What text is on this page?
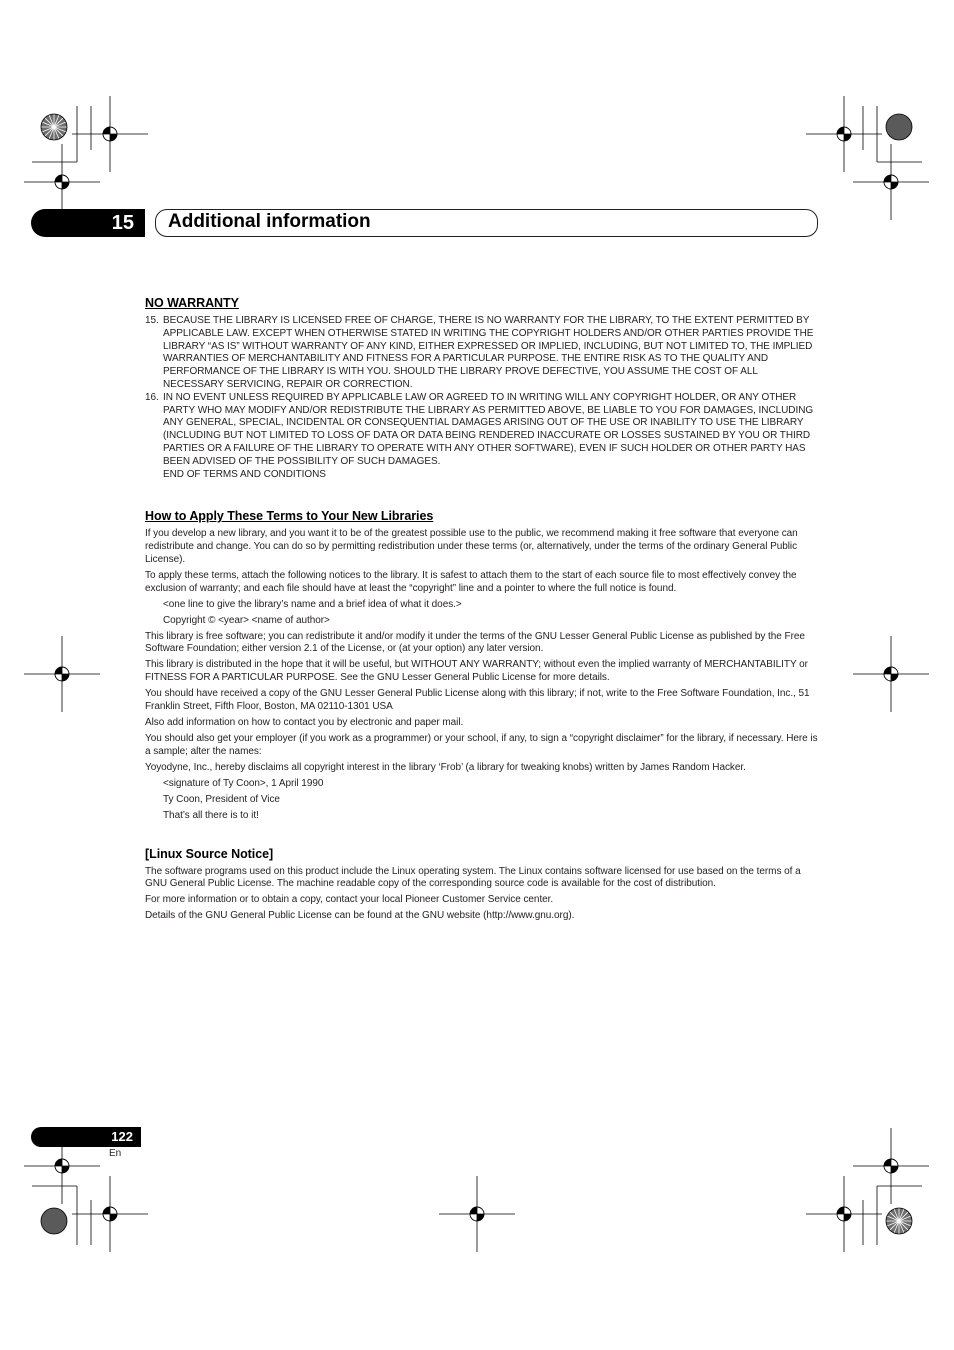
15	Additional information
NO WARRANTY
15. BECAUSE THE LIBRARY IS LICENSED FREE OF CHARGE, THERE IS NO WARRANTY FOR THE LIBRARY, TO THE EXTENT PERMITTED BY APPLICABLE LAW. EXCEPT WHEN OTHERWISE STATED IN WRITING THE COPYRIGHT HOLDERS AND/OR OTHER PARTIES PROVIDE THE LIBRARY “AS IS” WITHOUT WARRANTY OF ANY KIND, EITHER EXPRESSED OR IMPLIED, INCLUDING, BUT NOT LIMITED TO, THE IMPLIED WARRANTIES OF MERCHANTABILITY AND FITNESS FOR A PARTICULAR PURPOSE. THE ENTIRE RISK AS TO THE QUALITY AND PERFORMANCE OF THE LIBRARY IS WITH YOU. SHOULD THE LIBRARY PROVE DEFECTIVE, YOU ASSUME THE COST OF ALL NECESSARY SERVICING, REPAIR OR CORRECTION.
16. IN NO EVENT UNLESS REQUIRED BY APPLICABLE LAW OR AGREED TO IN WRITING WILL ANY COPYRIGHT HOLDER, OR ANY OTHER PARTY WHO MAY MODIFY AND/OR REDISTRIBUTE THE LIBRARY AS PERMITTED ABOVE, BE LIABLE TO YOU FOR DAMAGES, INCLUDING ANY GENERAL, SPECIAL, INCIDENTAL OR CONSEQUENTIAL DAMAGES ARISING OUT OF THE USE OR INABILITY TO USE THE LIBRARY (INCLUDING BUT NOT LIMITED TO LOSS OF DATA OR DATA BEING RENDERED INACCURATE OR LOSSES SUSTAINED BY YOU OR THIRD PARTIES OR A FAILURE OF THE LIBRARY TO OPERATE WITH ANY OTHER SOFTWARE), EVEN IF SUCH HOLDER OR OTHER PARTY HAS BEEN ADVISED OF THE POSSIBILITY OF SUCH DAMAGES.
END OF TERMS AND CONDITIONS
How to Apply These Terms to Your New Libraries

If you develop a new library, and you want it to be of the greatest possible use to the public, we recommend making it free software that everyone can redistribute and change. You can do so by permitting redistribution under these terms (or, alternatively, under the terms of the ordinary General Public License).

To apply these terms, attach the following notices to the library. It is safest to attach them to the start of each source file to most effectively convey the exclusion of warranty; and each file should have at least the “copyright” line and a pointer to where the full notice is found.

<one line to give the library’s name and a brief idea of what it does.>

Copyright © <year> <name of author>

This library is free software; you can redistribute it and/or modify it under the terms of the GNU Lesser General Public License as published by the Free Software Foundation; either version 2.1 of the License, or (at your option) any later version.

This library is distributed in the hope that it will be useful, but WITHOUT ANY WARRANTY; without even the implied warranty of MERCHANTABILITY or FITNESS FOR A PARTICULAR PURPOSE. See the GNU Lesser General Public License for more details.

You should have received a copy of the GNU Lesser General Public License along with this library; if not, write to the Free Software Foundation, Inc., 51 Franklin Street, Fifth Floor, Boston, MA 02110-1301 USA

Also add information on how to contact you by electronic and paper mail.

You should also get your employer (if you work as a programmer) or your school, if any, to sign a “copyright disclaimer” for the library, if necessary. Here is a sample; alter the names:

Yoyodyne, Inc., hereby disclaims all copyright interest in the library ‘Frob’ (a library for tweaking knobs) written by James Random Hacker.

<signature of Ty Coon>, 1 April 1990

Ty Coon, President of Vice

That’s all there is to it!

[Linux Source Notice]

The software programs used on this product include the Linux operating system. The Linux contains software licensed for use based on the terms of a GNU General Public License. The machine readable copy of the corresponding source code is available for the cost of distribution.

For more information or to obtain a copy, contact your local Pioneer Customer Service center.

Details of the GNU General Public License can be found at the GNU website (http://www.gnu.org).

122
En
